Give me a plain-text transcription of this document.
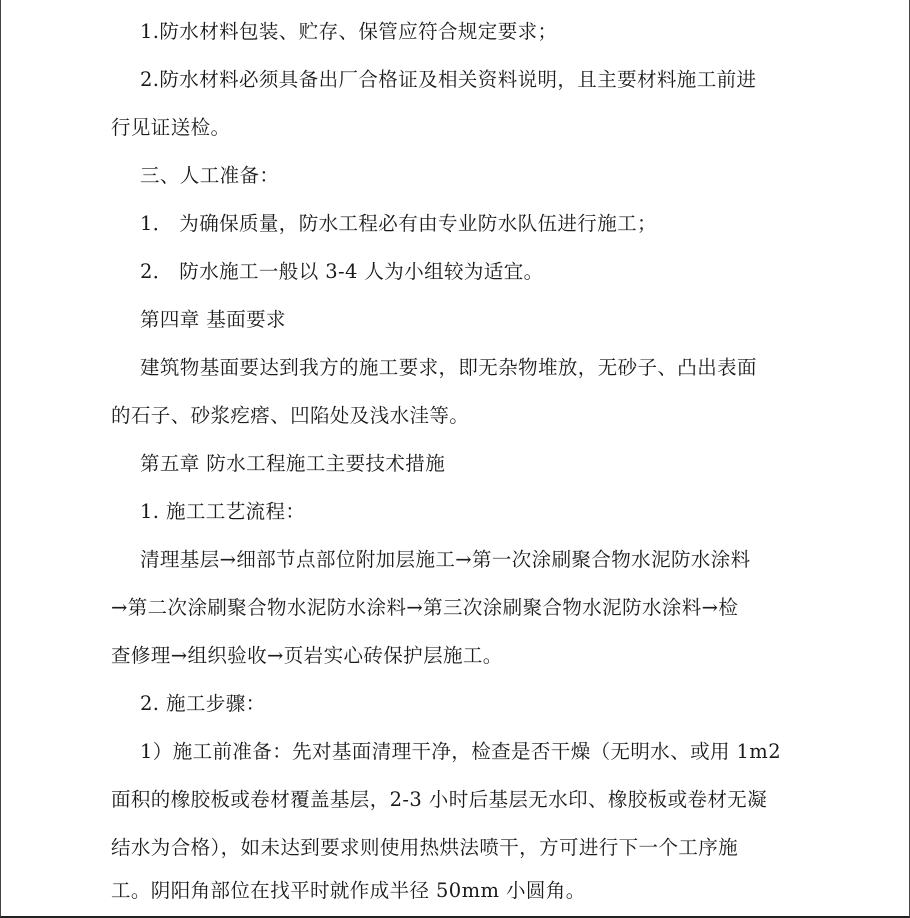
1.防水材料包装、贮存、保管应符合规定要求；
2.防水材料必须具备出厂合格证及相关资料说明，且主要材料施工前进
行见证送检。
三、人工准备：
1． 为确保质量，防水工程必有由专业防水队伍进行施工；
2． 防水施工一般以 3-4 人为小组较为适宜。
第四章 基面要求
建筑物基面要达到我方的施工要求，即无杂物堆放，无砂子、凸出表面
的石子、砂浆疙瘩、凹陷处及浅水洼等。
第五章 防水工程施工主要技术措施
1. 施工工艺流程：
清理基层→细部节点部位附加层施工→第一次涂刷聚合物水泥防水涂料
→第二次涂刷聚合物水泥防水涂料→第三次涂刷聚合物水泥防水涂料→检
查修理→组织验收→页岩实心砖保护层施工。
2. 施工步骤：
1）施工前准备：先对基面清理干净，检查是否干燥（无明水、或用 1m2
面积的橡胶板或卷材覆盖基层，2-3 小时后基层无水印、橡胶板或卷材无凝
结水为合格），如未达到要求则使用热烘法喷干，方可进行下一个工序施
工。阴阳角部位在找平时就作成半径 50mm 小圆角。
